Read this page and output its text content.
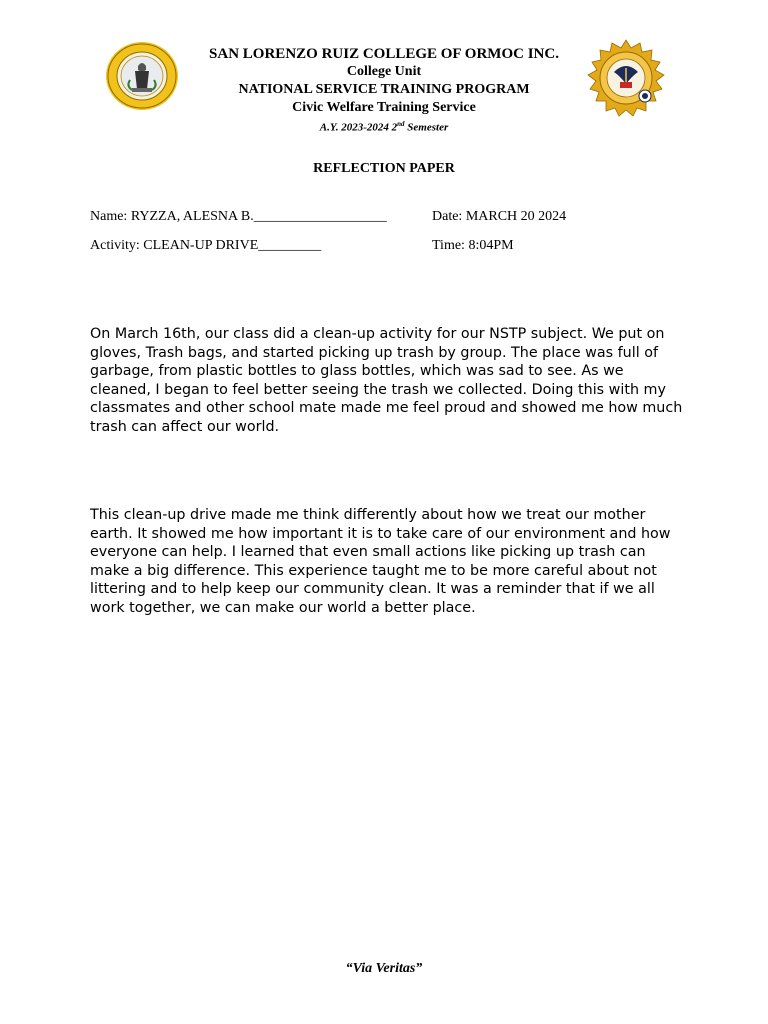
SAN LORENZO RUIZ COLLEGE OF ORMOC INC.
College Unit
NATIONAL SERVICE TRAINING PROGRAM
Civic Welfare Training Service
A.Y. 2023-2024 2nd Semester
REFLECTION PAPER
Name: RYZZA, ALESNA B.___________________	Date: MARCH 20 2024
Activity: CLEAN-UP DRIVE_________	Time: 8:04PM

On March 16th, our class did a clean-up activity for our NSTP subject. We put on gloves, Trash bags, and started picking up trash by group. The place was full of garbage, from plastic bottles to glass bottles, which was sad to see. As we cleaned, I began to feel better seeing the trash we collected. Doing this with my classmates and other school mate made me feel proud and showed me how much trash can affect our world.

This clean-up drive made me think differently about how we treat our mother earth. It showed me how important it is to take care of our environment and how everyone can help. I learned that even small actions like picking up trash can make a big difference. This experience taught me to be more careful about not littering and to help keep our community clean. It was a reminder that if we all work together, we can make our world a better place.

“Via Veritas”
